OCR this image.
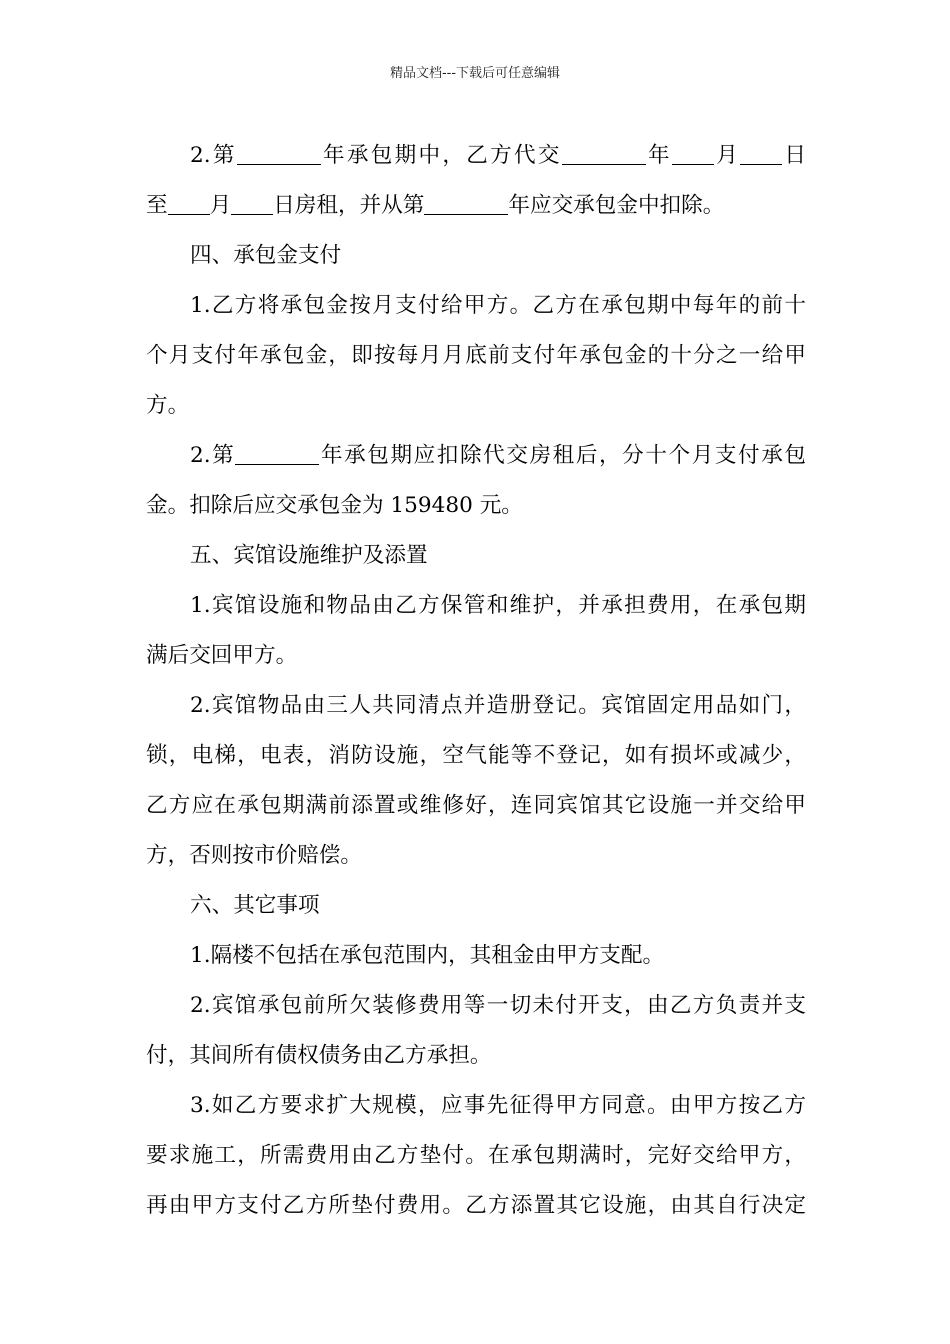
精品文档---下载后可任意编辑
2.第	年承包期中，乙方代交	年 月 日
至 月 日房租，并从第	年应交承包金中扣除。
四、承包金支付
1.乙方将承包金按月支付给甲方。乙方在承包期中每年的前十
个月支付年承包金，即按每月月底前支付年承包金的十分之一给甲
方。
2.第	年承包期应扣除代交房租后，分十个月支付承包
金。扣除后应交承包金为 159480 元。
五、宾馆设施维护及添置
1.宾馆设施和物品由乙方保管和维护，并承担费用，在承包期
满后交回甲方。
2.宾馆物品由三人共同清点并造册登记。宾馆固定用品如门，
锁，电梯，电表，消防设施，空气能等不登记，如有损坏或减少，
乙方应在承包期满前添置或维修好，连同宾馆其它设施一并交给甲
方，否则按市价赔偿。
六、其它事项
1.隔楼不包括在承包范围内，其租金由甲方支配。
2.宾馆承包前所欠装修费用等一切未付开支，由乙方负责并支
付，其间所有债权债务由乙方承担。
3.如乙方要求扩大规模，应事先征得甲方同意。由甲方按乙方
要求施工，所需费用由乙方垫付。在承包期满时，完好交给甲方，
再由甲方支付乙方所垫付费用。乙方添置其它设施，由其自行决定
